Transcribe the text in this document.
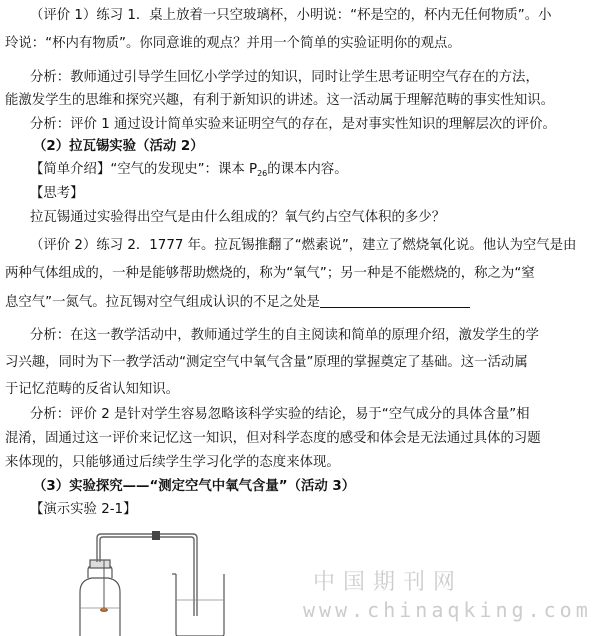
（评价 1）练习 1．桌上放着一只空玻璃杯，小明说：“杯是空的，杯内无任何物质”。小
玲说：“杯内有物质”。你同意谁的观点？并用一个简单的实验证明你的观点。
分析：教师通过引导学生回忆小学学过的知识，同时让学生思考证明空气存在的方法，
能激发学生的思维和探究兴趣，有利于新知识的讲述。这一活动属于理解范畴的事实性知识。
分析：评价 1 通过设计简单实验来证明空气的存在，是对事实性知识的理解层次的评价。
（2）拉瓦锡实验（活动 2）
【简单介绍】“空气的发现史”：课本 $P_{26}$的课本内容。
【思考】
拉瓦锡通过实验得出空气是由什么组成的？氧气约占空气体积的多少？
（评价 2）练习 2．1777 年。拉瓦锡推翻了“燃素说”，建立了燃烧氧化说。他认为空气是由
两种气体组成的，一种是能够帮助燃烧的，称为“氧气”；另一种是不能燃烧的，称之为“窒
息空气”一氮气。拉瓦锡对空气组成认识的不足之处是
分析：在这一教学活动中，教师通过学生的自主阅读和简单的原理介绍，激发学生的学
习兴趣，同时为下一教学活动“测定空气中氧气含量”原理的掌握奠定了基础。这一活动属
于记忆范畴的反省认知知识。
分析：评价 2 是针对学生容易忽略该科学实验的结论，易于“空气成分的具体含量”相
混淆，固通过这一评价来记忆这一知识，但对科学态度的感受和体会是无法通过具体的习题
来体现的，只能够通过后续学生学习化学的态度来体现。
（3）实验探究——“测定空气中氧气含量”（活动 3）
【演示实验 2-1】
中国期刊网
www.chinaqking.com
